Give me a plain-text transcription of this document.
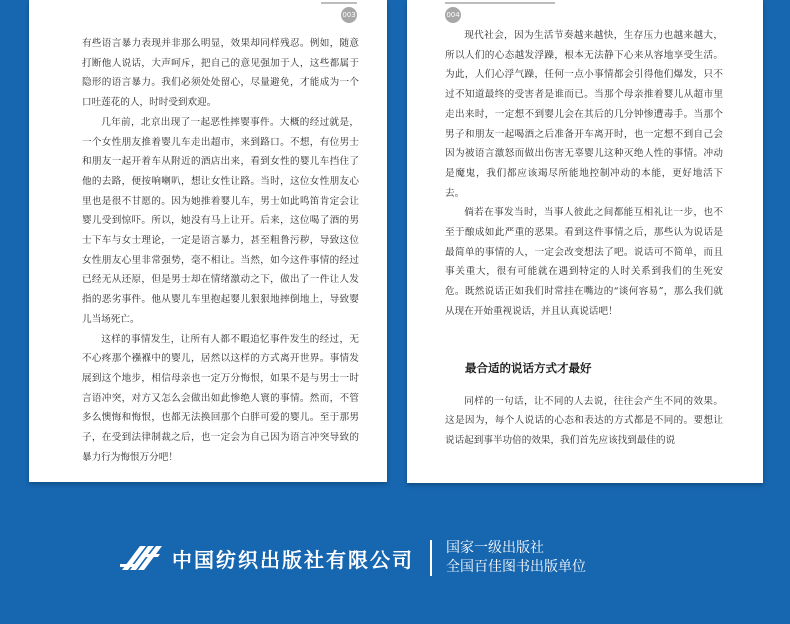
003

有些语言暴力表现并非那么明显，效果却同样残忍。例如，随意打断他人说话，大声呵斥，把自己的意见强加于人，这些都属于隐形的语言暴力。我们必须处处留心，尽量避免，才能成为一个口吐莲花的人，时时受到欢迎。

几年前，北京出现了一起恶性摔婴事件。大概的经过就是，一个女性朋友推着婴儿车走出超市，来到路口。不想，有位男士和朋友一起开着车从附近的酒店出来，看到女性的婴儿车挡住了他的去路，便按响喇叭，想让女性让路。当时，这位女性朋友心里也是很不甘愿的。因为她推着婴儿车，男士如此鸣笛肯定会让婴儿受到惊吓。所以，她没有马上让开。后来，这位喝了酒的男士下车与女士理论，一定是语言暴力，甚至粗鲁污秽，导致这位女性朋友心里非常强势，毫不相让。当然，如今这件事情的经过已经无从还原，但是男士却在情绪激动之下，做出了一件让人发指的恶劣事件。他从婴儿车里抱起婴儿狠狠地摔倒地上，导致婴儿当场死亡。

这样的事情发生，让所有人都不暇追忆事件发生的经过，无不心疼那个襁褓中的婴儿，居然以这样的方式离开世界。事情发展到这个地步，相信母亲也一定万分悔恨，如果不是与男士一时言语冲突，对方又怎么会做出如此惨绝人寰的事情。然而，不管多么懊悔和悔恨，也都无法换回那个白胖可爱的婴儿。至于那男子，在受到法律制裁之后，也一定会为自己因为语言冲突导致的暴力行为悔恨万分吧！

004

现代社会，因为生活节奏越来越快，生存压力也越来越大，所以人们的心态越发浮躁，根本无法静下心来从容地享受生活。为此，人们心浮气躁，任何一点小事情都会引得他们爆发，只不过不知道最终的受害者是谁而已。当那个母亲推着婴儿从超市里走出来时，一定想不到婴儿会在其后的几分钟惨遭毒手。当那个男子和朋友一起喝酒之后准备开车离开时，也一定想不到自己会因为被语言激怒而做出伤害无辜婴儿这种灭绝人性的事情。冲动是魔鬼，我们都应该竭尽所能地控制冲动的本能，更好地活下去。

倘若在事发当时，当事人彼此之间都能互相礼让一步，也不至于酿成如此严重的恶果。看到这件事情之后，那些认为说话是最简单的事情的人，一定会改变想法了吧。说话可不简单，而且事关重大，很有可能就在遇到特定的人时关系到我们的生死安危。既然说话正如我们时常挂在嘴边的“谈何容易”，那么我们就从现在开始重视说话，并且认真说话吧！

最合适的说话方式才最好

同样的一句话，让不同的人去说，往往会产生不同的效果。这是因为，每个人说话的心态和表达的方式都是不同的。要想让说话起到事半功倍的效果，我们首先应该找到最佳的说

中国纺织出版社有限公司 国家一级出版社
全国百佳图书出版单位
